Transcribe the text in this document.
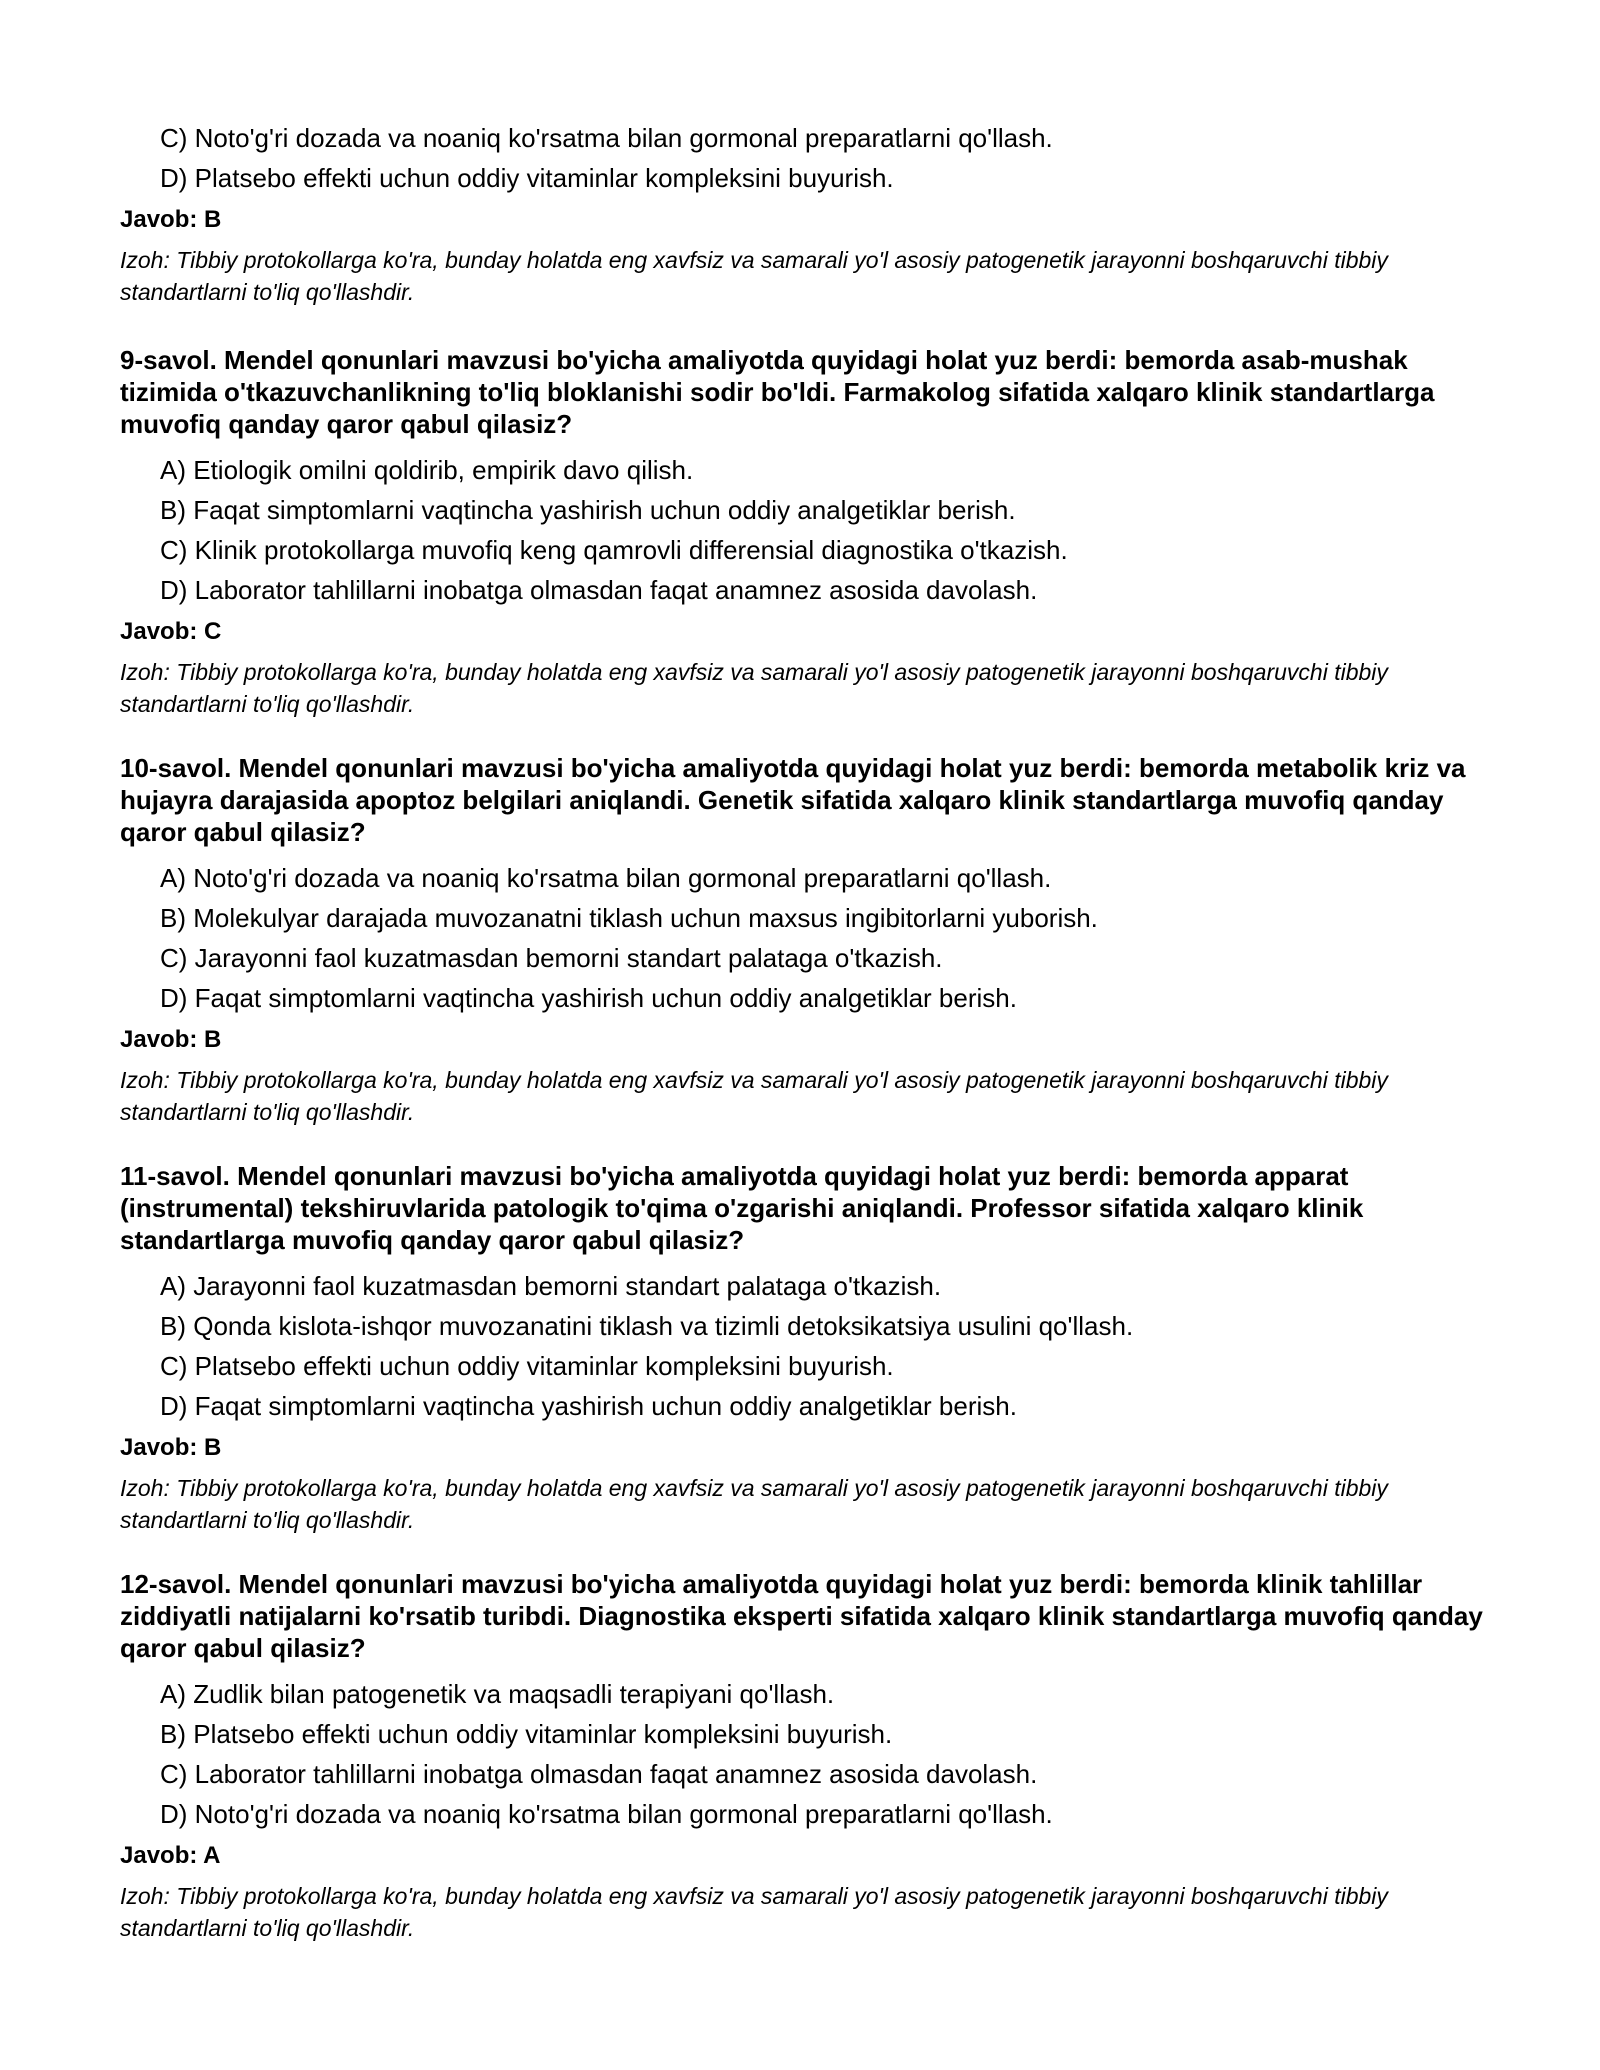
C) Noto'g'ri dozada va noaniq ko'rsatma bilan gormonal preparatlarni qo'llash.
D) Platsebo effekti uchun oddiy vitaminlar kompleksini buyurish.
Javob: B
Izoh: Tibbiy protokollarga ko'ra, bunday holatda eng xavfsiz va samarali yo'l asosiy patogenetik jarayonni boshqaruvchi tibbiy standartlarni to'liq qo'llashdir.
9-savol. Mendel qonunlari mavzusi bo'yicha amaliyotda quyidagi holat yuz berdi: bemorda asab-mushak tizimida o'tkazuvchanlikning to'liq bloklanishi sodir bo'ldi. Farmakolog sifatida xalqaro klinik standartlarga muvofiq qanday qaror qabul qilasiz?
A) Etiologik omilni qoldirib, empirik davo qilish.
B) Faqat simptomlarni vaqtincha yashirish uchun oddiy analgetiklar berish.
C) Klinik protokollarga muvofiq keng qamrovli differensial diagnostika o'tkazish.
D) Laborator tahlillarni inobatga olmasdan faqat anamnez asosida davolash.
Javob: C
Izoh: Tibbiy protokollarga ko'ra, bunday holatda eng xavfsiz va samarali yo'l asosiy patogenetik jarayonni boshqaruvchi tibbiy standartlarni to'liq qo'llashdir.
10-savol. Mendel qonunlari mavzusi bo'yicha amaliyotda quyidagi holat yuz berdi: bemorda metabolik kriz va hujayra darajasida apoptoz belgilari aniqlandi. Genetik sifatida xalqaro klinik standartlarga muvofiq qanday qaror qabul qilasiz?
A) Noto'g'ri dozada va noaniq ko'rsatma bilan gormonal preparatlarni qo'llash.
B) Molekulyar darajada muvozanatni tiklash uchun maxsus ingibitorlarni yuborish.
C) Jarayonni faol kuzatmasdan bemorni standart palataga o'tkazish.
D) Faqat simptomlarni vaqtincha yashirish uchun oddiy analgetiklar berish.
Javob: B
Izoh: Tibbiy protokollarga ko'ra, bunday holatda eng xavfsiz va samarali yo'l asosiy patogenetik jarayonni boshqaruvchi tibbiy standartlarni to'liq qo'llashdir.
11-savol. Mendel qonunlari mavzusi bo'yicha amaliyotda quyidagi holat yuz berdi: bemorda apparat (instrumental) tekshiruvlarida patologik to'qima o'zgarishi aniqlandi. Professor sifatida xalqaro klinik standartlarga muvofiq qanday qaror qabul qilasiz?
A) Jarayonni faol kuzatmasdan bemorni standart palataga o'tkazish.
B) Qonda kislota-ishqor muvozanatini tiklash va tizimli detoksikatsiya usulini qo'llash.
C) Platsebo effekti uchun oddiy vitaminlar kompleksini buyurish.
D) Faqat simptomlarni vaqtincha yashirish uchun oddiy analgetiklar berish.
Javob: B
Izoh: Tibbiy protokollarga ko'ra, bunday holatda eng xavfsiz va samarali yo'l asosiy patogenetik jarayonni boshqaruvchi tibbiy standartlarni to'liq qo'llashdir.
12-savol. Mendel qonunlari mavzusi bo'yicha amaliyotda quyidagi holat yuz berdi: bemorda klinik tahlillar ziddiyatli natijalarni ko'rsatib turibdi. Diagnostika eksperti sifatida xalqaro klinik standartlarga muvofiq qanday qaror qabul qilasiz?
A) Zudlik bilan patogenetik va maqsadli terapiyani qo'llash.
B) Platsebo effekti uchun oddiy vitaminlar kompleksini buyurish.
C) Laborator tahlillarni inobatga olmasdan faqat anamnez asosida davolash.
D) Noto'g'ri dozada va noaniq ko'rsatma bilan gormonal preparatlarni qo'llash.
Javob: A
Izoh: Tibbiy protokollarga ko'ra, bunday holatda eng xavfsiz va samarali yo'l asosiy patogenetik jarayonni boshqaruvchi tibbiy standartlarni to'liq qo'llashdir.
